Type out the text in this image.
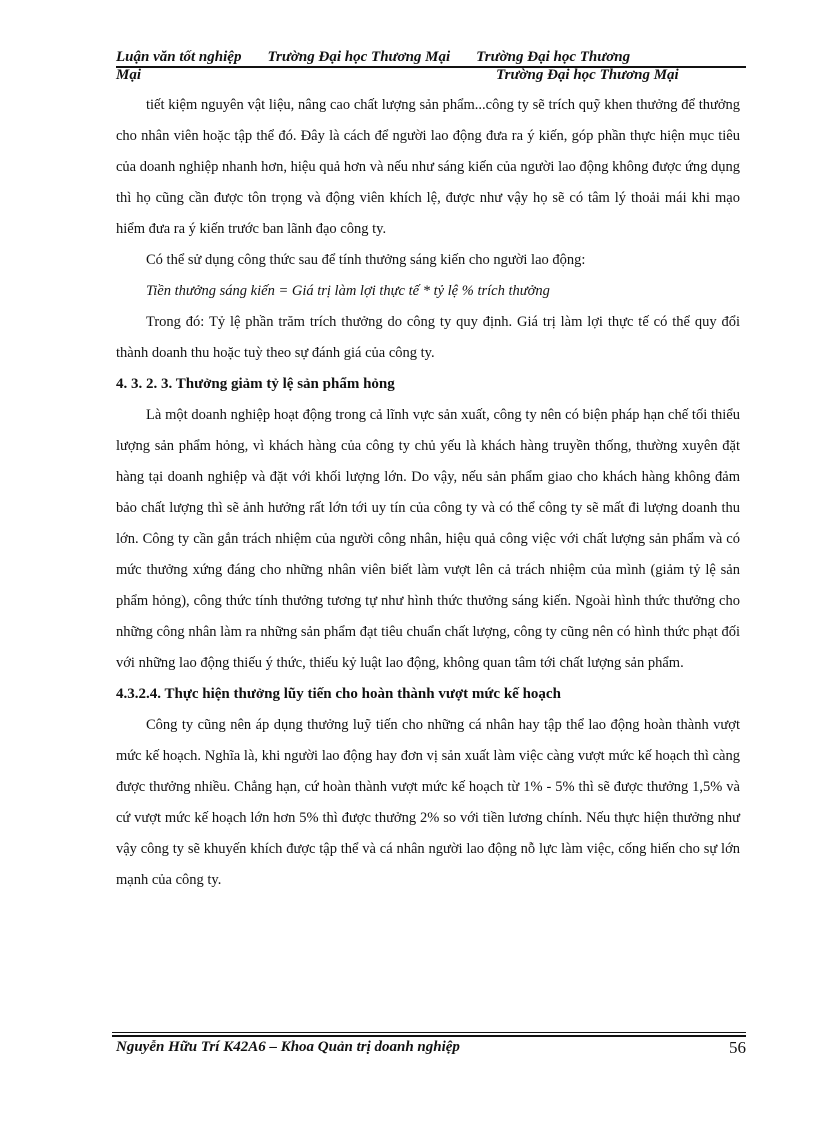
Luận văn tốt nghiệp Trường Đại học Thương Mại Trường Đại học Thương
Mại	Trường Đại học Thương Mại

tiết kiệm nguyên vật liệu, nâng cao chất lượng sản phẩm...công ty sẽ trích quỹ khen thưởng để thưởng cho nhân viên hoặc tập thể đó. Đây là cách để người lao động đưa ra ý kiến, góp phần thực hiện mục tiêu của doanh nghiệp nhanh hơn, hiệu quả hơn và nếu như sáng kiến của người lao động không được ứng dụng thì họ cũng cần được tôn trọng và động viên khích lệ, được như vậy họ sẽ có tâm lý thoải mái khi mạo hiểm đưa ra ý kiến trước ban lãnh đạo công ty.

Có thể sử dụng công thức sau để tính thưởng sáng kiến cho người lao động:

Tiền thưởng sáng kiến = Giá trị làm lợi thực tế * tỷ lệ % trích thưởng

Trong đó: Tỷ lệ phần trăm trích thưởng do công ty quy định. Giá trị làm lợi thực tế có thể quy đổi thành doanh thu hoặc tuỳ theo sự đánh giá của công ty.

4. 3. 2. 3. Thưởng giảm tỷ lệ sản phẩm hỏng

Là một doanh nghiệp hoạt động trong cả lĩnh vực sản xuất, công ty nên có biện pháp hạn chế tối thiểu lượng sản phẩm hỏng, vì khách hàng của công ty chủ yếu là khách hàng truyền thống, thường xuyên đặt hàng tại doanh nghiệp và đặt với khối lượng lớn. Do vậy, nếu sản phẩm giao cho khách hàng không đảm bảo chất lượng thì sẽ ảnh hưởng rất lớn tới uy tín của công ty và có thể công ty sẽ mất đi lượng doanh thu lớn. Công ty cần gắn trách nhiệm của người công nhân, hiệu quả công việc với chất lượng sản phẩm và có mức thưởng xứng đáng cho những nhân viên biết làm vượt lên cả trách nhiệm của mình (giảm tỷ lệ sản phẩm hỏng), công thức tính thưởng tương tự như hình thức thưởng sáng kiến. Ngoài hình thức thưởng cho những công nhân làm ra những sản phẩm đạt tiêu chuẩn chất lượng, công ty cũng nên có hình thức phạt đối với những lao động thiếu ý thức, thiếu kỷ luật lao động, không quan tâm tới chất lượng sản phẩm.

4.3.2.4. Thực hiện thưởng lũy tiến cho hoàn thành vượt mức kế hoạch

Công ty cũng nên áp dụng thưởng luỹ tiến cho những cá nhân hay tập thể lao động hoàn thành vượt mức kế hoạch. Nghĩa là, khi người lao động hay đơn vị sản xuất làm việc càng vượt mức kế hoạch thì càng được thưởng nhiều. Chẳng hạn, cứ hoàn thành vượt mức kế hoạch từ 1% - 5% thì sẽ được thưởng 1,5% và cứ vượt mức kế hoạch lớn hơn 5% thì được thưởng 2% so với tiền lương chính. Nếu thực hiện thưởng như vậy công ty sẽ khuyến khích được tập thể và cá nhân người lao động nỗ lực làm việc, cống hiến cho sự lớn mạnh của công ty.

Nguyễn Hữu Trí K42A6 – Khoa Quản trị doanh nghiệp	56
